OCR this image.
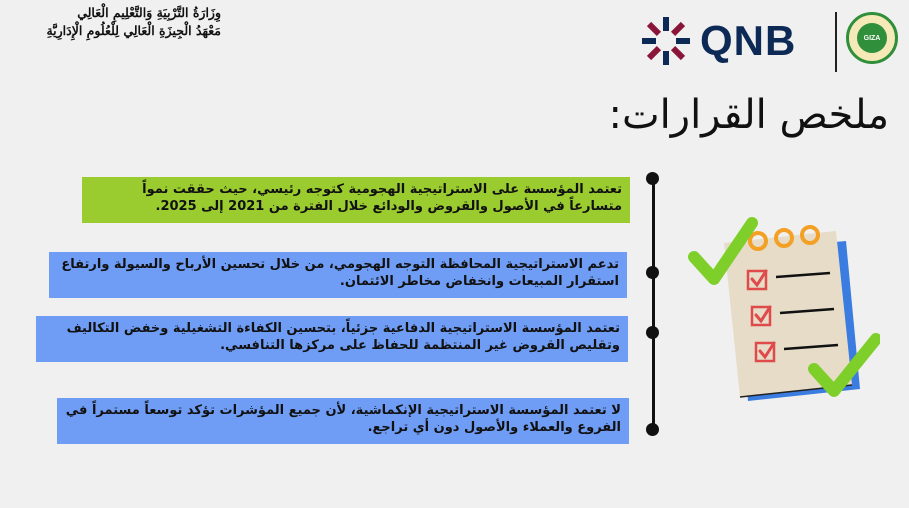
وِزَارَةُ التَّرْبِيَةِ وَالتَّعْلِيمِ الْعَالِي
مَعْهَدُ الْجِيزَةِ الْعَالِي لِلْعُلُومِ الْإِدَارِيَّةِ	QNB	GIZA
ملخص القرارات:
تعتمد المؤسسة على الاستراتيجية الهجومية كتوجه رئيسي، حيث حققت نمواً متسارعاً في الأصول والقروض والودائع خلال الفترة من 2021 إلى 2025.
تدعم الاستراتيجية المحافظة التوجه الهجومي، من خلال تحسين الأرباح والسيولة وارتفاع استقرار المبيعات وانخفاض مخاطر الائتمان.
تعتمد المؤسسة الاستراتيجية الدفاعية جزئياً، بتحسين الكفاءة التشغيلية وخفض التكاليف وتقليص القروض غير المنتظمة للحفاظ على مركزها التنافسي.
لا تعتمد المؤسسة الاستراتيجية الإنكماشية، لأن جميع المؤشرات تؤكد توسعاً مستمراً في الفروع والعملاء والأصول دون أي تراجع.
